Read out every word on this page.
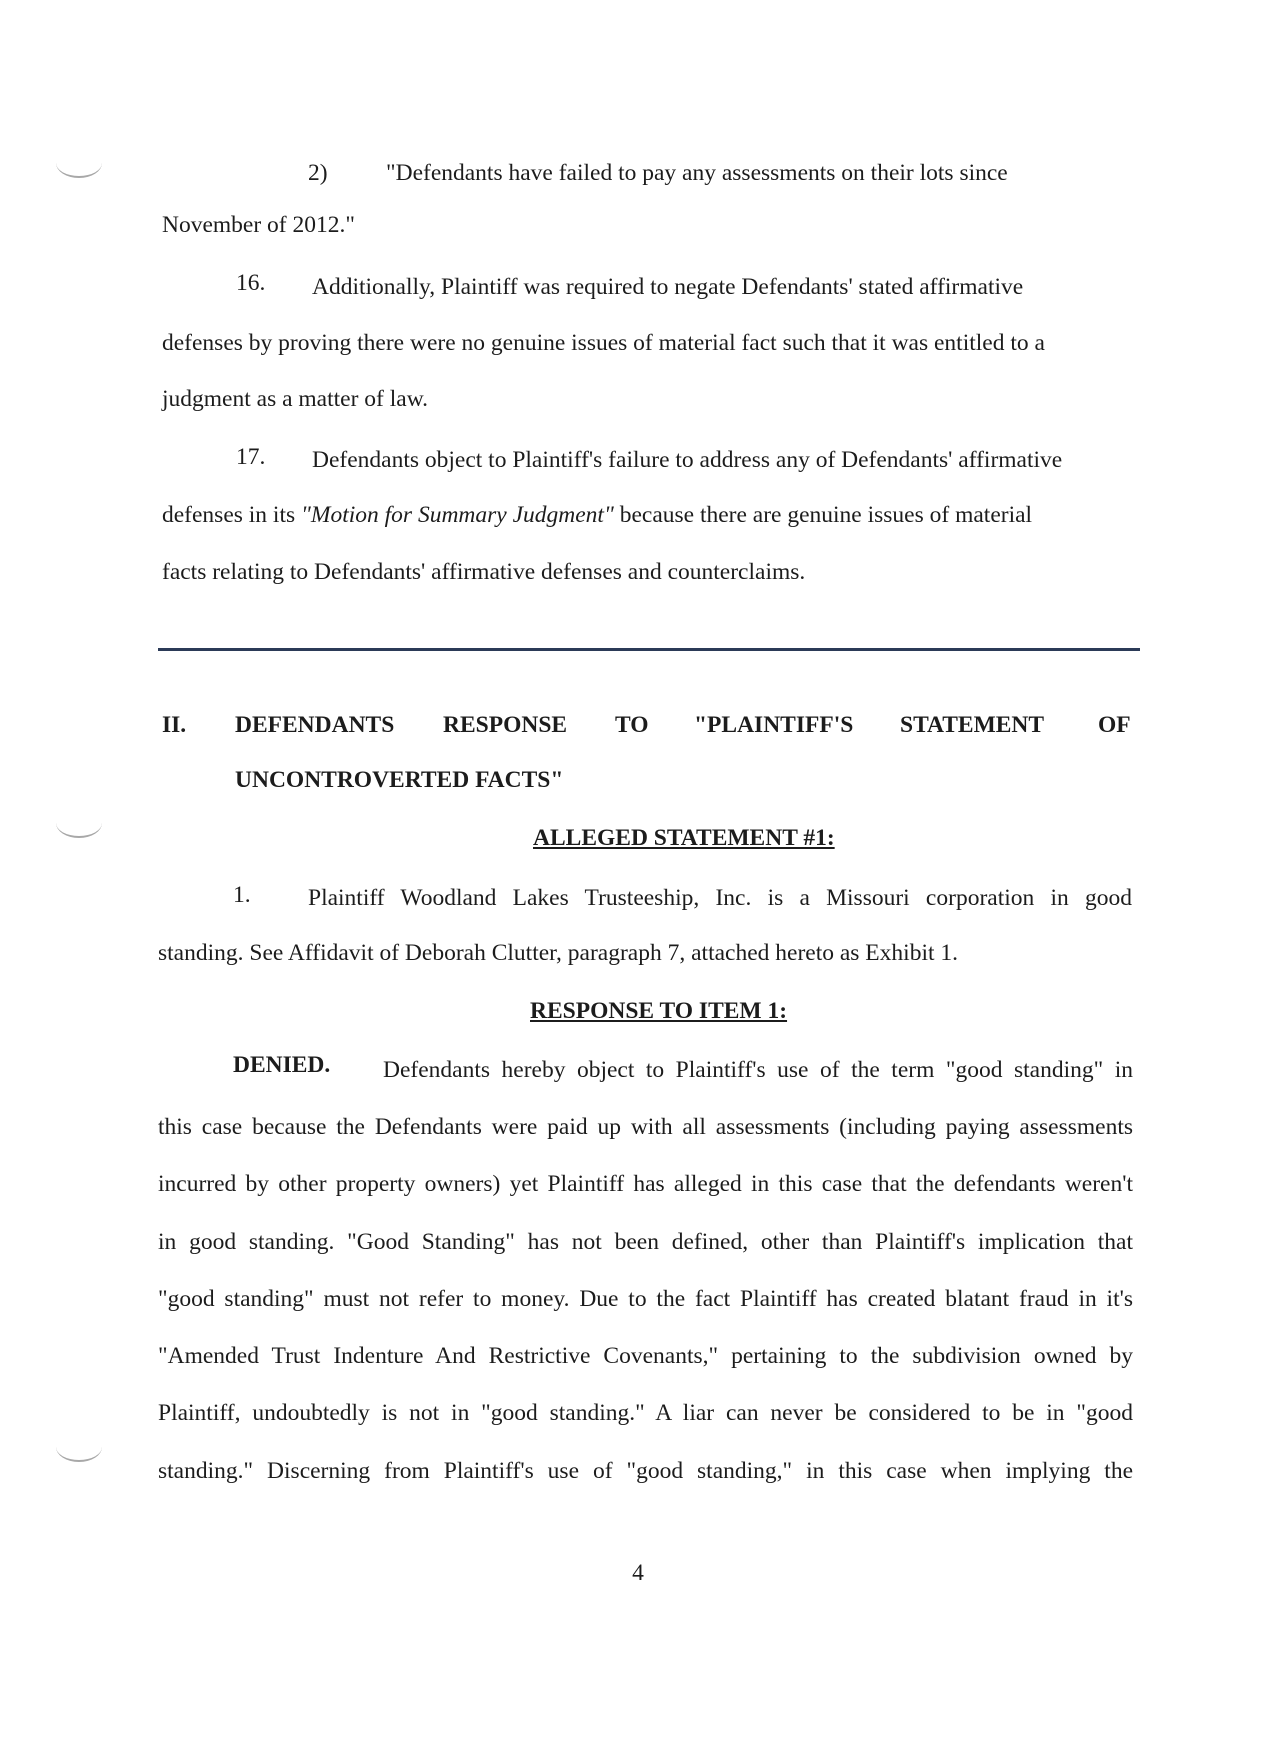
2) "Defendants have failed to pay any assessments on their lots since
November of 2012."
16. Additionally, Plaintiff was required to negate Defendants' stated affirmative
defenses by proving there were no genuine issues of material fact such that it was entitled to a
judgment as a matter of law.
17. Defendants object to Plaintiff's failure to address any of Defendants' affirmative
defenses in its "Motion for Summary Judgment" because there are genuine issues of material
facts relating to Defendants' affirmative defenses and counterclaims.
II. DEFENDANTS RESPONSE TO "PLAINTIFF'S STATEMENT OF
UNCONTROVERTED FACTS"
ALLEGED STATEMENT #1:
1. Plaintiff Woodland Lakes Trusteeship, Inc. is a Missouri corporation in good
standing. See Affidavit of Deborah Clutter, paragraph 7, attached hereto as Exhibit 1.
RESPONSE TO ITEM 1:
DENIED. Defendants hereby object to Plaintiff's use of the term "good standing" in
this case because the Defendants were paid up with all assessments (including paying assessments
incurred by other property owners) yet Plaintiff has alleged in this case that the defendants weren't
in good standing. "Good Standing" has not been defined, other than Plaintiff's implication that
"good standing" must not refer to money. Due to the fact Plaintiff has created blatant fraud in it's
"Amended Trust Indenture And Restrictive Covenants," pertaining to the subdivision owned by
Plaintiff, undoubtedly is not in "good standing." A liar can never be considered to be in "good
standing." Discerning from Plaintiff's use of "good standing," in this case when implying the
4
